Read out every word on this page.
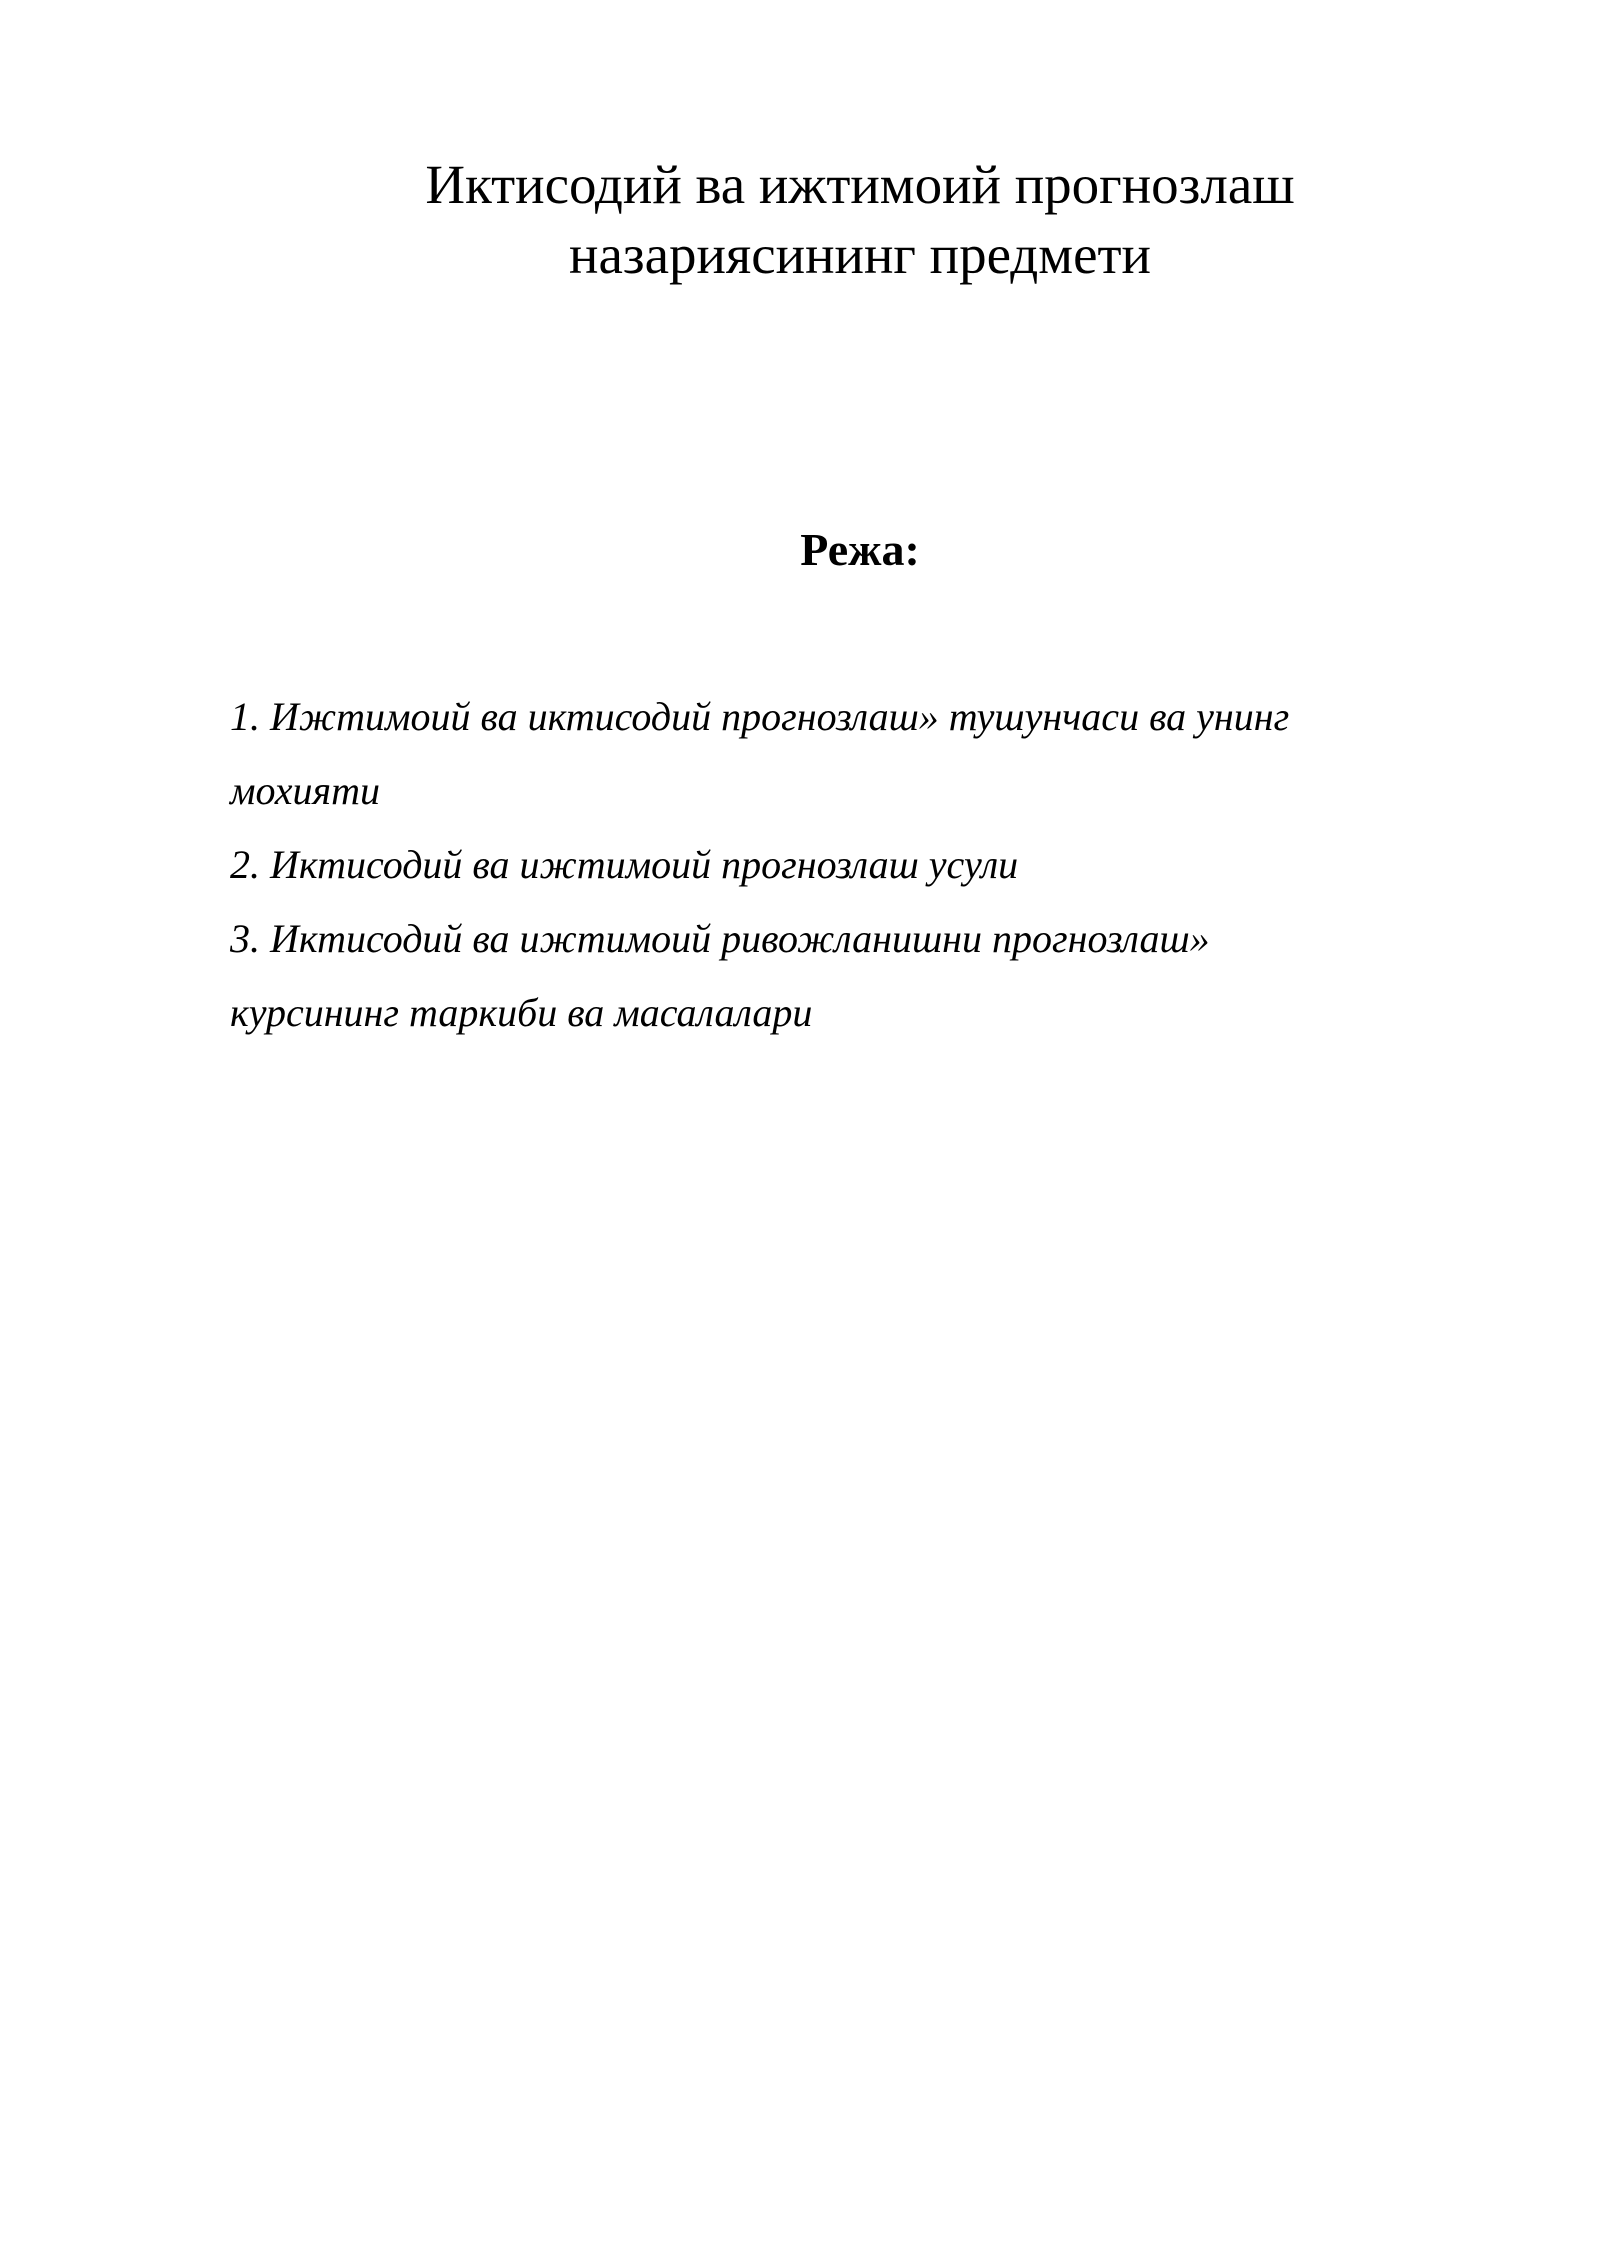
Иктисодий ва ижтимоий прогнозлаш
назариясининг предмети
Режа:
1. Ижтимоий ва иктисодий прогнозлаш» тушунчаси ва унинг
мохияти
2. Иктисодий ва ижтимоий прогнозлаш усули
3. Иктисодий ва ижтимоий ривожланишни прогнозлаш»
курсининг таркиби ва масалалари
